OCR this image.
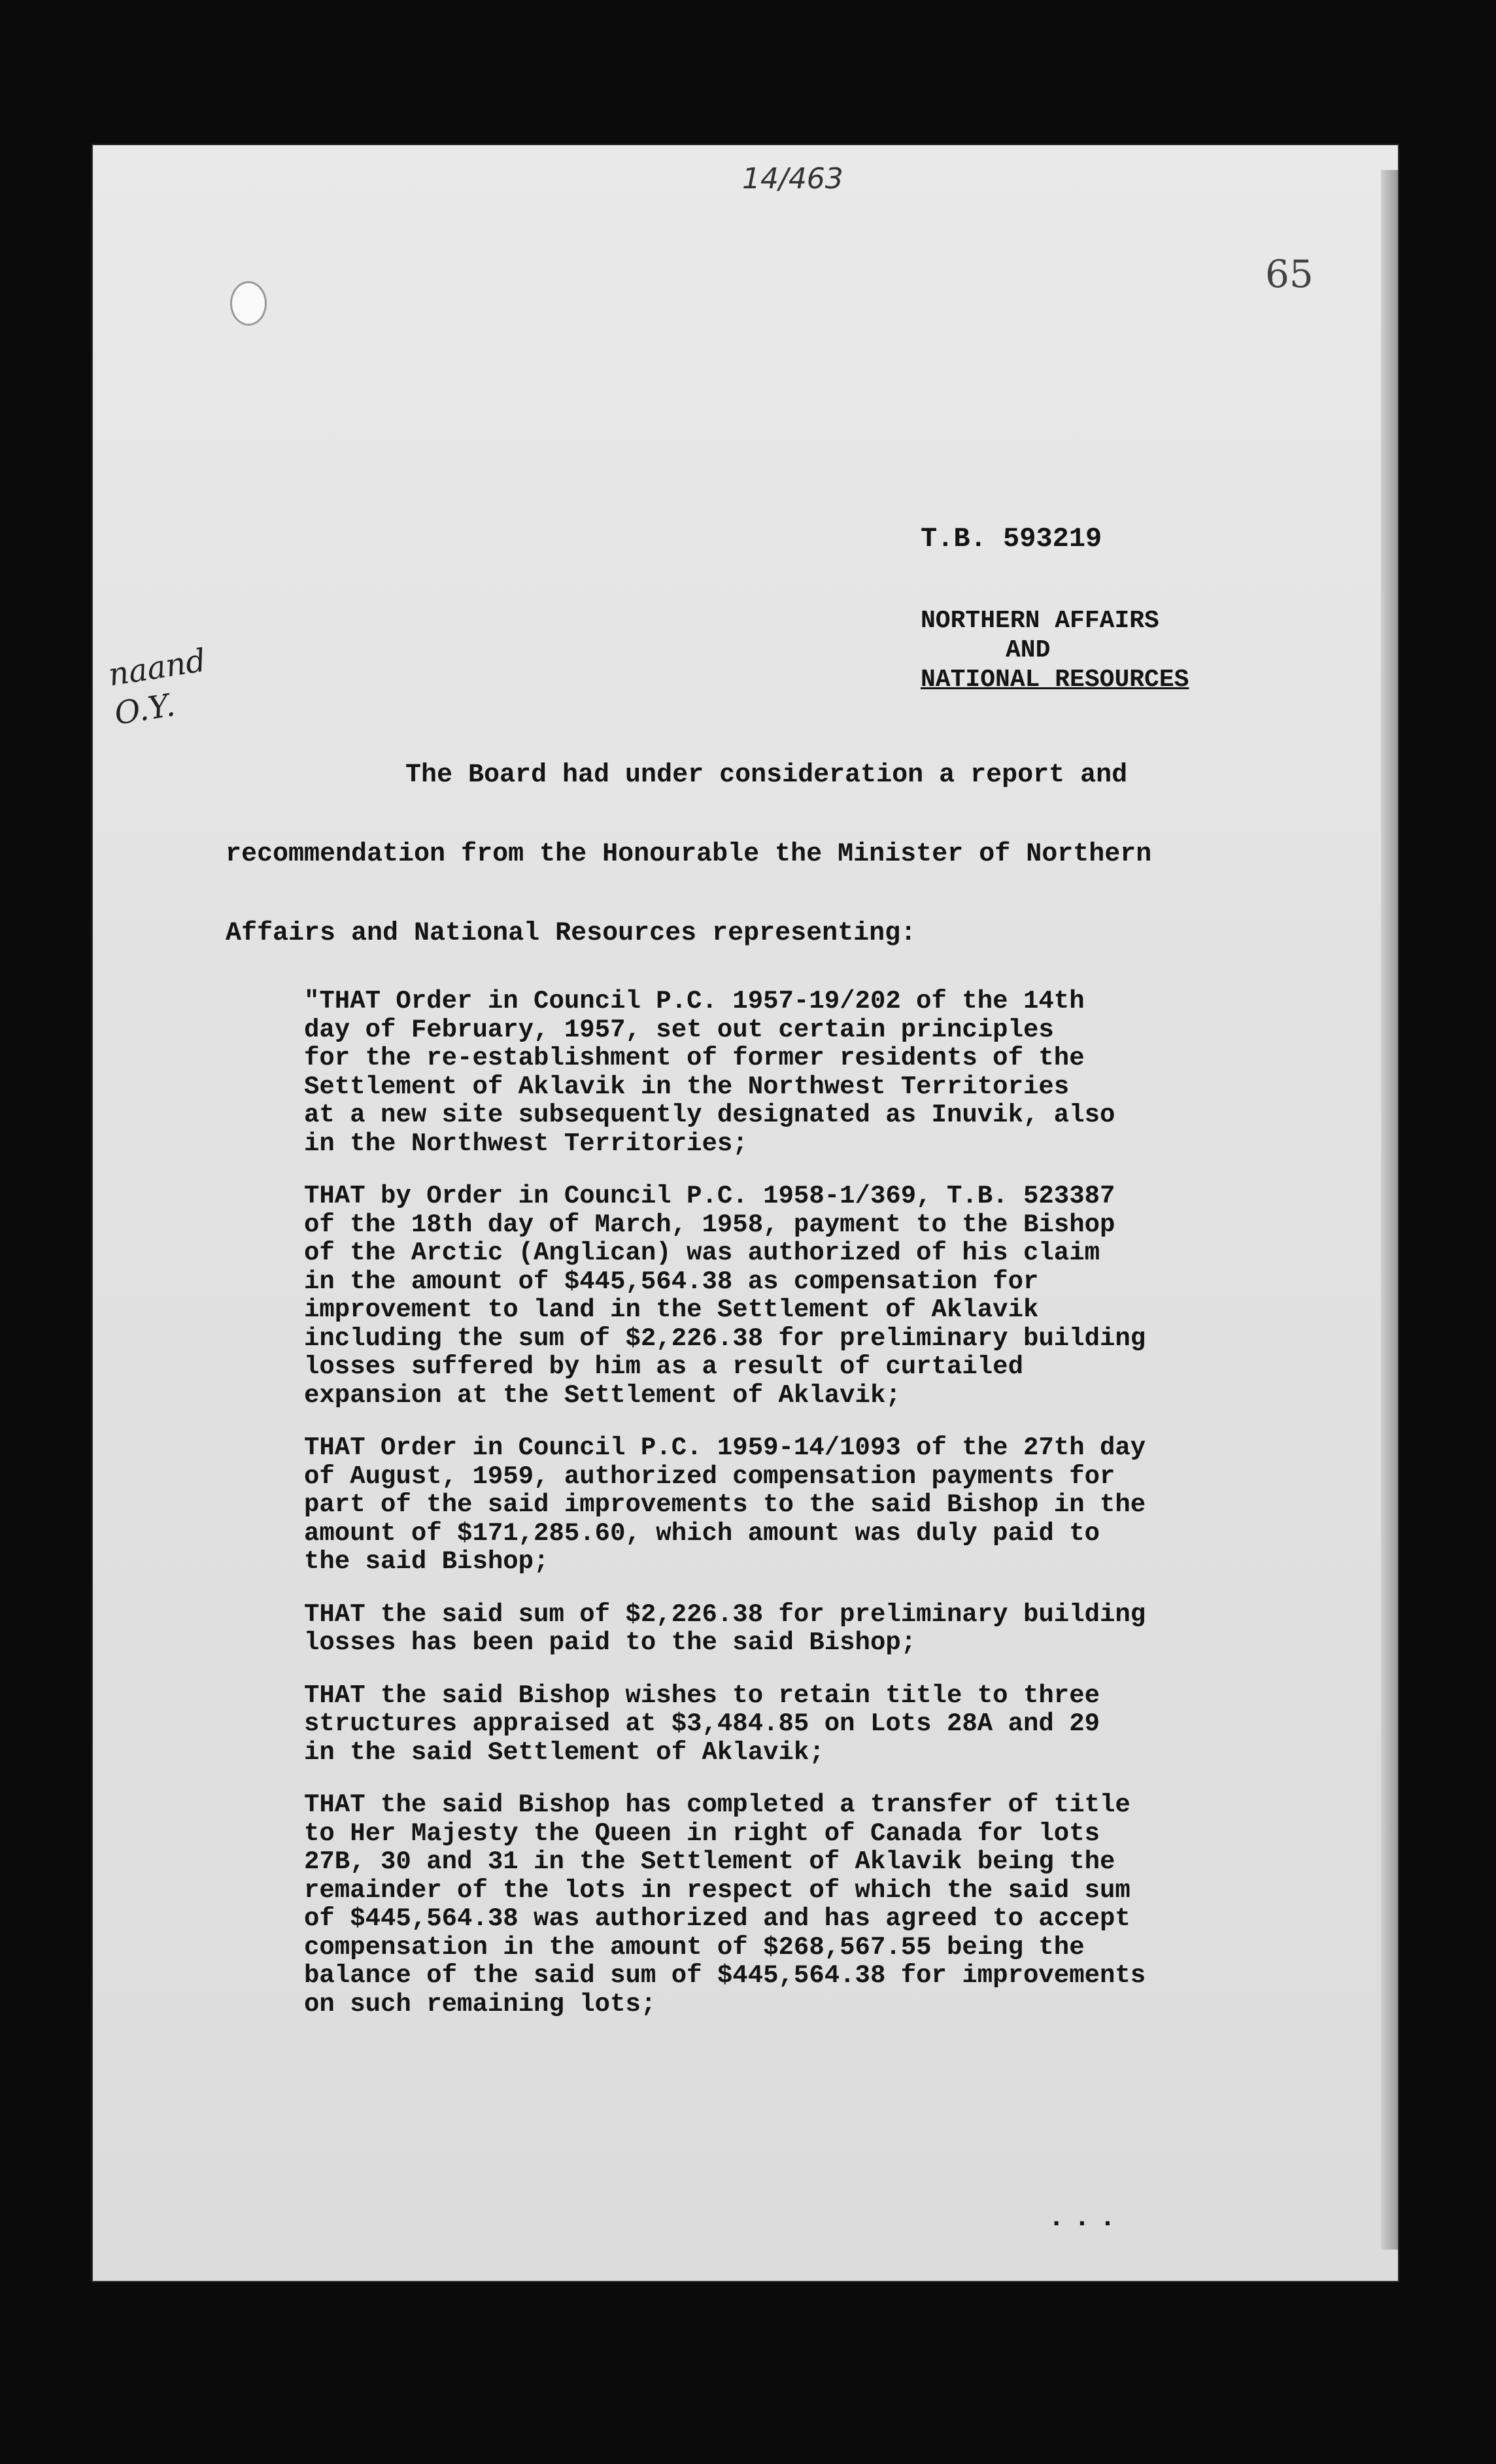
14/463
65
naand O.Y.
T.B. 593219
NORTHERN AFFAIRS
AND
NATIONAL RESOURCES
The Board had under consideration a report and
recommendation from the Honourable the Minister of Northern
Affairs and National Resources representing:

"THAT Order in Council P.C. 1957-19/202 of the 14th
day of February, 1957, set out certain principles
for the re-establishment of former residents of the
Settlement of Aklavik in the Northwest Territories
at a new site subsequently designated as Inuvik, also
in the Northwest Territories;

THAT by Order in Council P.C. 1958-1/369, T.B. 523387
of the 18th day of March, 1958, payment to the Bishop
of the Arctic (Anglican) was authorized of his claim
in the amount of $445,564.38 as compensation for
improvement to land in the Settlement of Aklavik
including the sum of $2,226.38 for preliminary building
losses suffered by him as a result of curtailed
expansion at the Settlement of Aklavik;

THAT Order in Council P.C. 1959-14/1093 of the 27th day
of August, 1959, authorized compensation payments for
part of the said improvements to the said Bishop in the
amount of $171,285.60, which amount was duly paid to
the said Bishop;

THAT the said sum of $2,226.38 for preliminary building
losses has been paid to the said Bishop;

THAT the said Bishop wishes to retain title to three
structures appraised at $3,484.85 on Lots 28A and 29
in the said Settlement of Aklavik;

THAT the said Bishop has completed a transfer of title
to Her Majesty the Queen in right of Canada for lots
27B, 30 and 31 in the Settlement of Aklavik being the
remainder of the lots in respect of which the said sum
of $445,564.38 was authorized and has agreed to accept
compensation in the amount of $268,567.55 being the
balance of the said sum of $445,564.38 for improvements
on such remaining lots;

...
